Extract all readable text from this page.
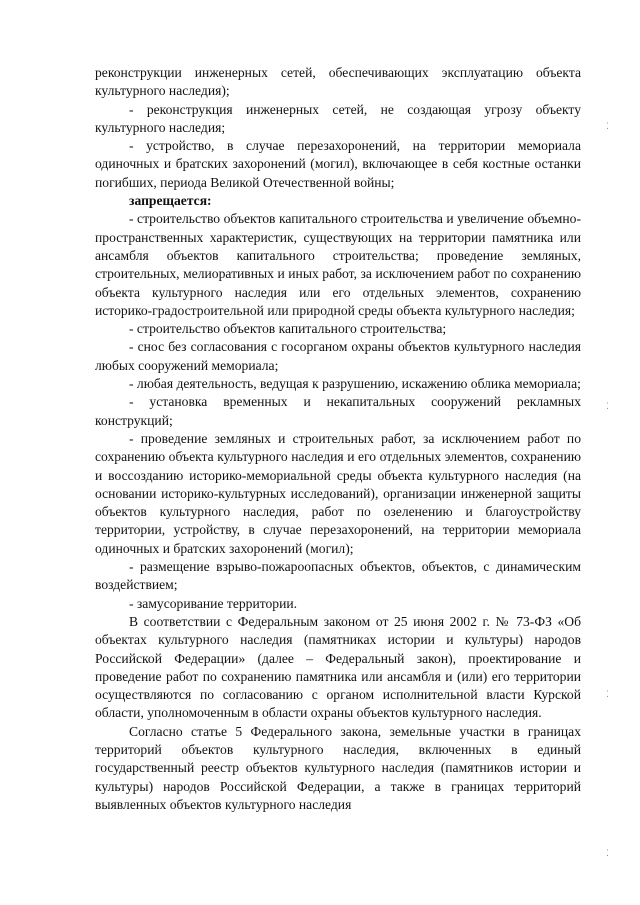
реконструкции инженерных сетей, обеспечивающих эксплуатацию объекта культурного наследия);

- реконструкция инженерных сетей, не создающая угрозу объекту культурного наследия;

- устройство, в случае перезахоронений, на территории мемориала одиночных и братских захоронений (могил), включающее в себя костные останки погибших, периода Великой Отечественной войны;

запрещается:

- строительство объектов капитального строительства и увеличение объемно-пространственных характеристик, существующих на территории памятника или ансамбля объектов капитального строительства; проведение земляных, строительных, мелиоративных и иных работ, за исключением работ по сохранению объекта культурного наследия или его отдельных элементов, сохранению историко-градостроительной или природной среды объекта культурного наследия;

- строительство объектов капитального строительства;

- снос без согласования с госорганом охраны объектов культурного наследия любых сооружений мемориала;

- любая деятельность, ведущая к разрушению, искажению облика мемориала;

- установка временных и некапитальных сооружений рекламных конструкций;

- проведение земляных и строительных работ, за исключением работ по сохранению объекта культурного наследия и его отдельных элементов, сохранению и воссозданию историко-мемориальной среды объекта культурного наследия (на основании историко-культурных исследований), организации инженерной защиты объектов культурного наследия, работ по озеленению и благоустройству территории, устройству, в случае перезахоронений, на территории мемориала одиночных и братских захоронений (могил);

- размещение взрыво-пожароопасных объектов, объектов, с динамическим воздействием;

- замусоривание территории.

В соответствии с Федеральным законом от 25 июня 2002 г. № 73-ФЗ «Об объектах культурного наследия (памятниках истории и культуры) народов Российской Федерации» (далее – Федеральный закон), проектирование и проведение работ по сохранению памятника или ансамбля и (или) его территории осуществляются по согласованию с органом исполнительной власти Курской области, уполномоченным в области охраны объектов культурного наследия.

Согласно статье 5 Федерального закона, земельные участки в границах территорий объектов культурного наследия, включенных в единый государственный реестр объектов культурного наследия (памятников истории и культуры) народов Российской Федерации, а также в границах территорий выявленных объектов культурного наследия

⁚
⁚
⁚
⁚
